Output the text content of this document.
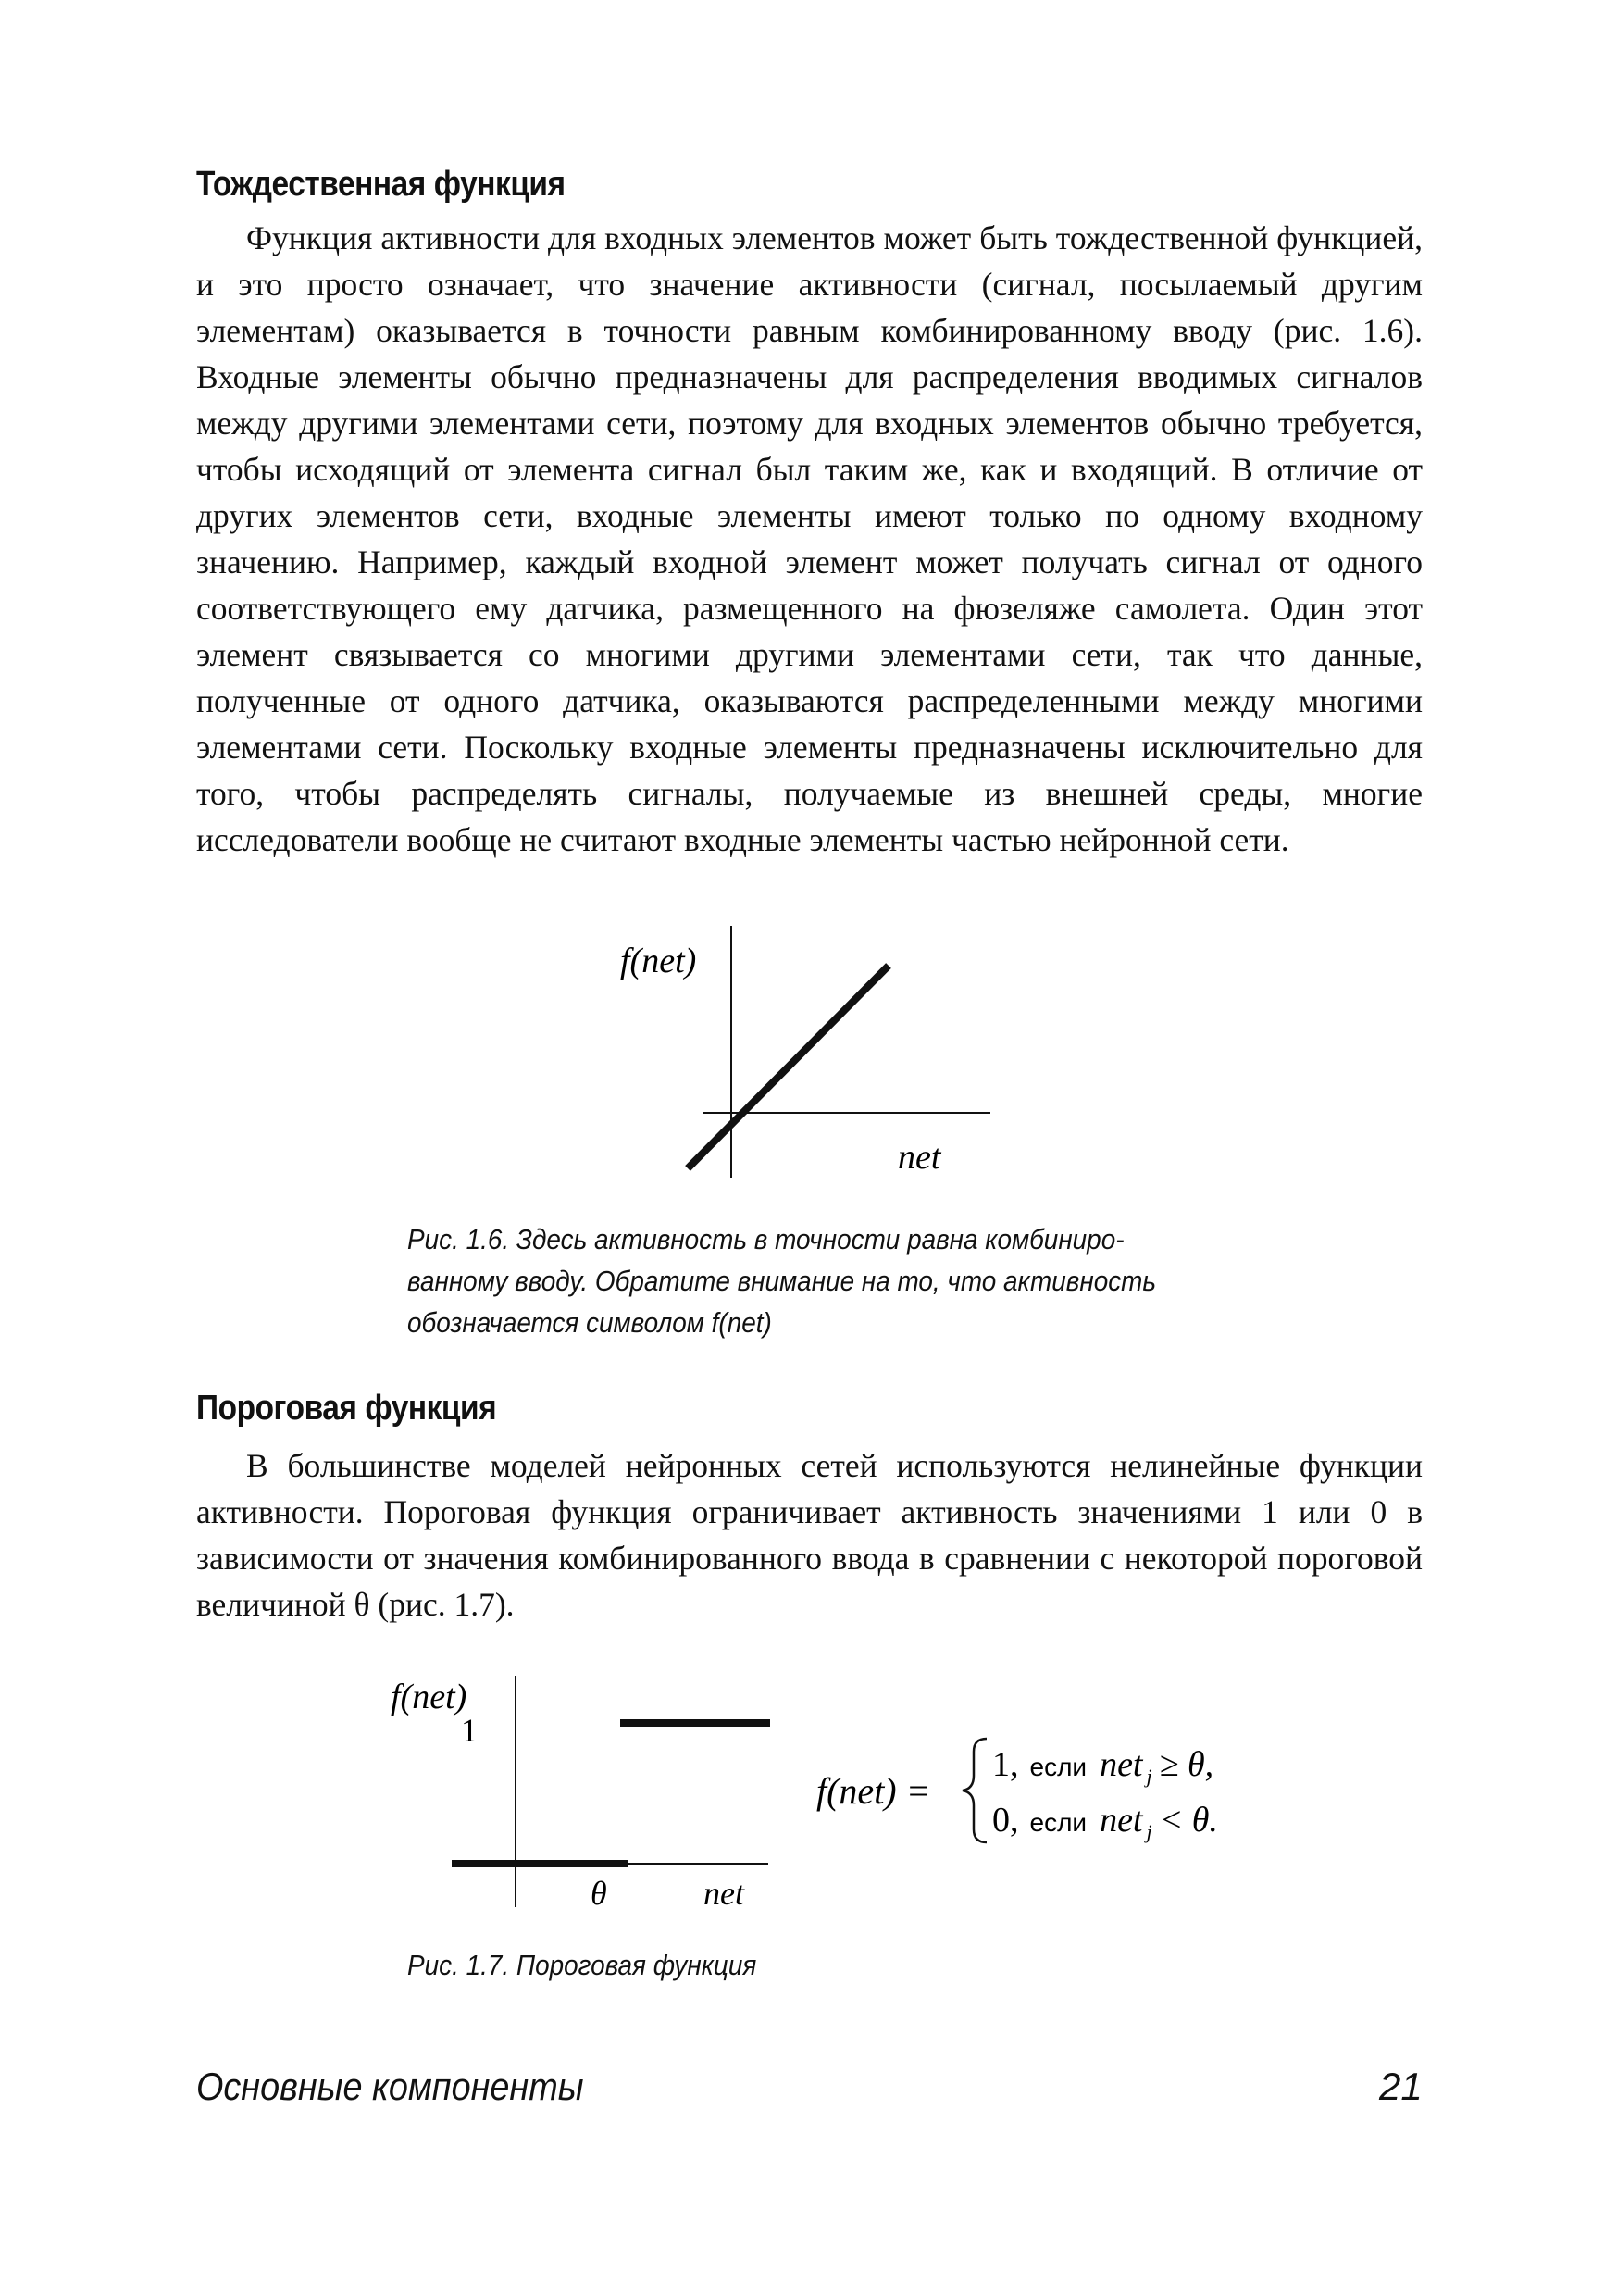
Тождественная функция

Функция активности для входных элементов может быть тождественной функцией, и это просто означает, что значение активности (сигнал, посылаемый другим элементам) оказывается в точности равным комбинированному вводу (рис. 1.6). Входные элементы обычно предназначены для распределения вводимых сигналов между другими элементами сети, поэтому для входных элементов обычно требуется, чтобы исходящий от элемента сигнал был таким же, как и входящий. В отличие от других элементов сети, входные элементы имеют только по одному входному значению. Например, каждый входной элемент может получать сигнал от одного соответствующего ему датчика, размещенного на фюзеляже самолета. Один этот элемент связывается со многими другими элементами сети, так что данные, полученные от одного датчика, оказываются распределенными между многими элементами сети. Поскольку входные элементы предназначены исключительно для того, чтобы распределять сигналы, получаемые из внешней среды, многие исследователи вообще не считают входные элементы частью нейронной сети.

f(net)
net
Рис. 1.6. Здесь активность в точности равна комбиниро-
ванному вводу. Обратите внимание на то, что активность
обозначается символом f(net)
Пороговая функция

В большинстве моделей нейронных сетей используются нелинейные функции активности. Пороговая функция ограничивает активность значениями 1 или 0 в зависимости от значения комбинированного ввода в сравнении с некоторой пороговой величиной θ (рис. 1.7).

f(net)
1
θ	net
f(net) =
1, если net j ≥ θ,
0, если net j < θ.
Рис. 1.7. Пороговая функция
Основные компоненты	21
